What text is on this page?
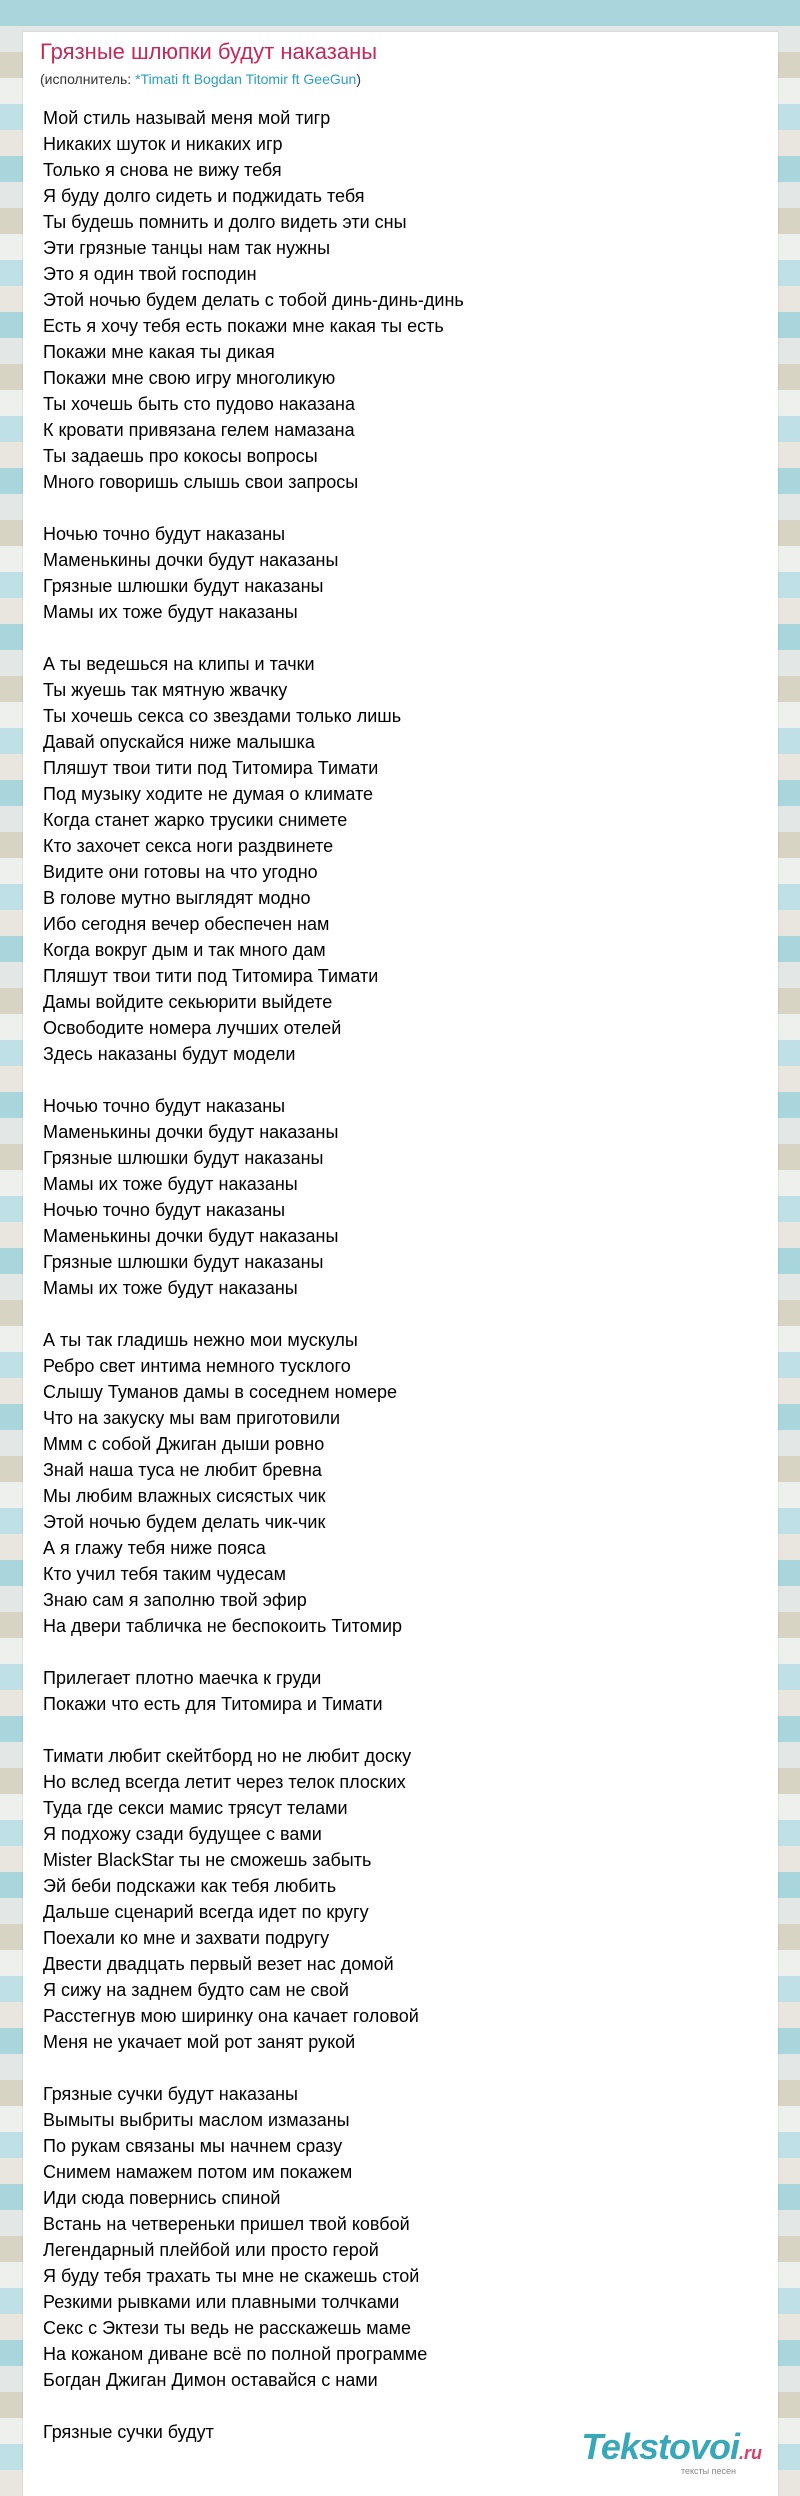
Грязные шлюпки будут наказаны
(исполнитель: *Timati ft Bogdan Titomir ft GeeGun)
Мой стиль называй меня мой тигр
Никаких шуток и никаких игр
Только я снова не вижу тебя
Я буду долго сидеть и поджидать тебя
Ты будешь помнить и долго видеть эти сны
Эти грязные танцы нам так нужны
Это я один твой господин
Этой ночью будем делать с тобой динь-динь-динь
Есть я хочу тебя есть покажи мне какая ты есть
Покажи мне какая ты дикая
Покажи мне свою игру многоликую
Ты хочешь быть сто пудово наказана
К кровати привязана гелем намазана
Ты задаешь про кокосы вопросы
Много говоришь слышь свои запросы
Ночью точно будут наказаны
Маменькины дочки будут наказаны
Грязные шлюшки будут наказаны
Мамы их тоже будут наказаны
А ты ведешься на клипы и тачки
Ты жуешь так мятную жвачку
Ты хочешь секса со звездами только лишь
Давай опускайся ниже малышка
Пляшут твои тити под Титомира Тимати
Под музыку ходите не думая о климате
Когда станет жарко трусики снимете
Кто захочет секса ноги раздвинете
Видите они готовы на что угодно
В голове мутно выглядят модно
Ибо сегодня вечер обеспечен нам
Когда вокруг дым и так много дам
Пляшут твои тити под Титомира Тимати
Дамы войдите секьюрити выйдете
Освободите номера лучших отелей
Здесь наказаны будут модели
Ночью точно будут наказаны
Маменькины дочки будут наказаны
Грязные шлюшки будут наказаны
Мамы их тоже будут наказаны
Ночью точно будут наказаны
Маменькины дочки будут наказаны
Грязные шлюшки будут наказаны
Мамы их тоже будут наказаны
А ты так гладишь нежно мои мускулы
Ребро свет интима немного тусклого
Слышу Туманов дамы в соседнем номере
Что на закуску мы вам приготовили
Ммм с собой Джиган дыши ровно
Знай наша туса не любит бревна
Мы любим влажных сисястых чик
Этой ночью будем делать чик-чик
А я глажу тебя ниже пояса
Кто учил тебя таким чудесам
Знаю сам я заполню твой эфир
На двери табличка не беспокоить Титомир
Прилегает плотно маечка к груди
Покажи что есть для Титомира и Тимати
Тимати любит скейтборд но не любит доску
Но вслед всегда летит через телок плоских
Туда где секси мамис трясут телами
Я подхожу сзади будущее с вами
Mister BlackStar ты не сможешь забыть
Эй беби подскажи как тебя любить
Дальше сценарий всегда идет по кругу
Поехали ко мне и захвати подругу
Двести двадцать первый везет нас домой
Я сижу на заднем будто сам не свой
Расстегнув мою ширинку она качает головой
Меня не укачает мой рот занят рукой
Грязные сучки будут наказаны
Вымыты выбриты маслом измазаны
По рукам связаны мы начнем сразу
Снимем намажем потом им покажем
Иди сюда повернись спиной
Встань на четвереньки пришел твой ковбой
Легендарный плейбой или просто герой
Я буду тебя трахать ты мне не скажешь стой
Резкими рывками или плавными толчками
Секс с Эктези ты ведь не расскажешь маме
На кожаном диване всё по полной программе
Богдан Джиган Димон оставайся с нами
Грязные сучки будут	Tekstovoi.ru
тексты песен
